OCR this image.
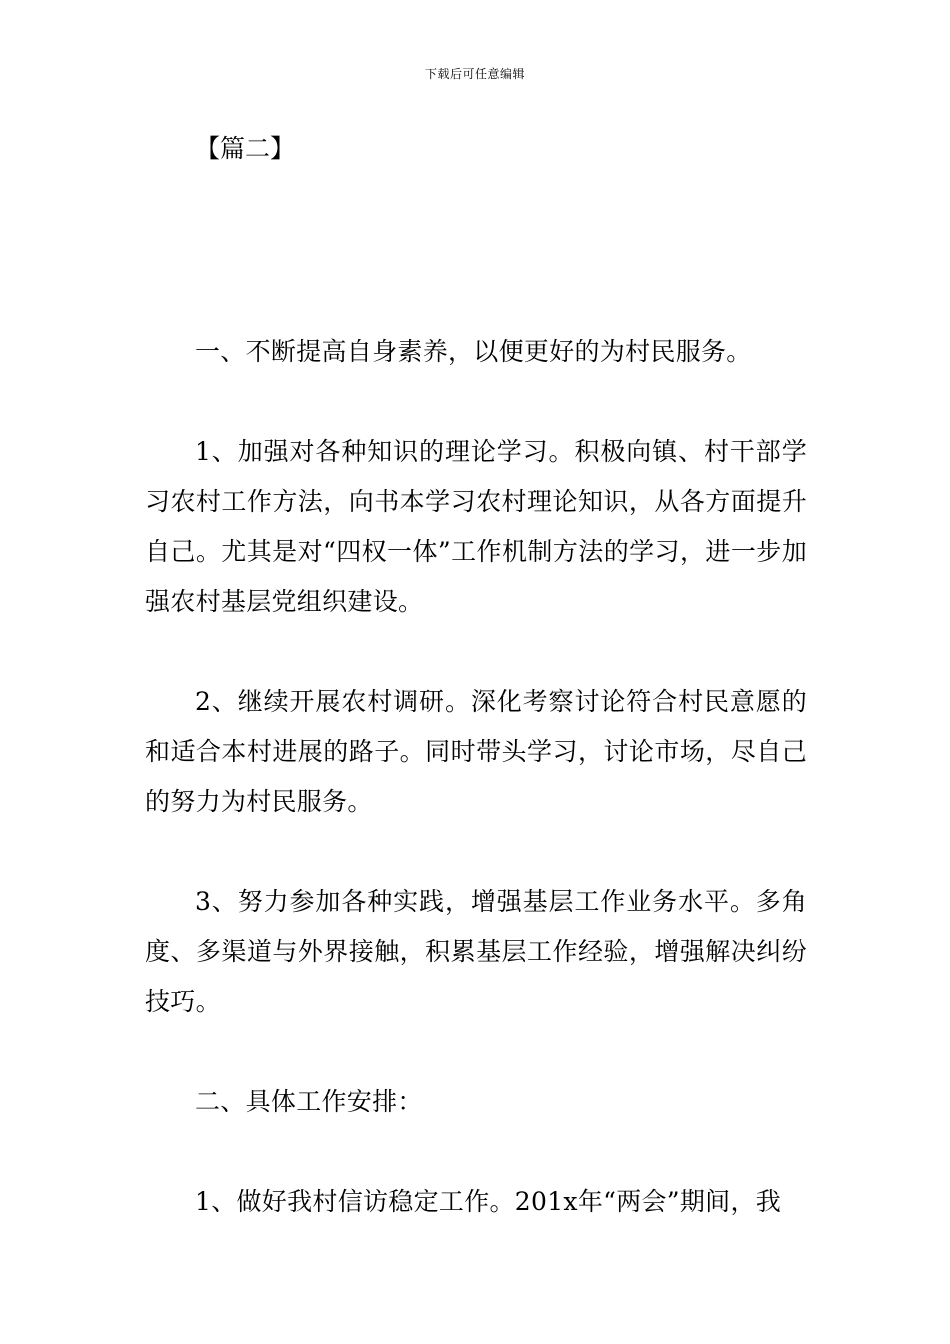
下载后可任意编辑
【篇二】

一、不断提高自身素养，以便更好的为村民服务。

1、加强对各种知识的理论学习。积极向镇、村干部学习农村工作方法，向书本学习农村理论知识，从各方面提升自己。尤其是对“四权一体”工作机制方法的学习，进一步加强农村基层党组织建设。

2、继续开展农村调研。深化考察讨论符合村民意愿的和适合本村进展的路子。同时带头学习，讨论市场，尽自己的努力为村民服务。

3、努力参加各种实践，增强基层工作业务水平。多角度、多渠道与外界接触，积累基层工作经验，增强解决纠纷技巧。

二、具体工作安排：

1、做好我村信访稳定工作。201x年“两会”期间，我
